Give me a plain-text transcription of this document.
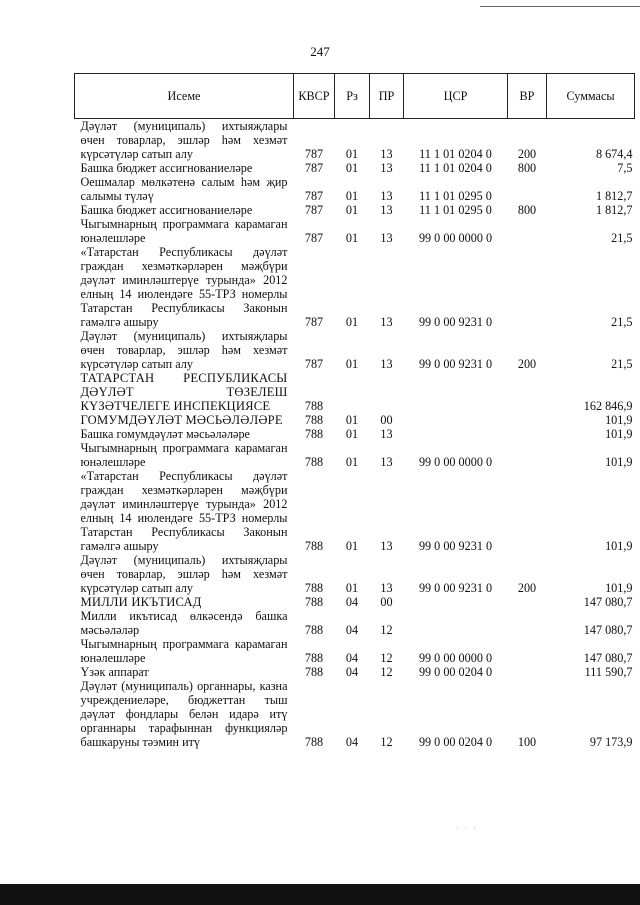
247
Исеме	КВСР	Рз	ПР	ЦСР	ВР	Суммасы
Дәүләт (муниципаль) ихтыяҗлары өчен товарлар, эшләр һәм хезмәт күрсәтүләр сатып алу	787	01	13	11 1 01 0204 0	200	8 674,4
Башка бюджет ассигнованиеләре	787	01	13	11 1 01 0204 0	800	7,5
Оешмалар мөлкәтенә салым һәм җир салымы түләү	787	01	13	11 1 01 0295 0		1 812,7
Башка бюджет ассигнованиеләре	787	01	13	11 1 01 0295 0	800	1 812,7
Чыгымнарның программага карамаган юнәлешләре	787	01	13	99 0 00 0000 0		21,5
«Татарстан Республикасы дәүләт граждан хезмәткәрләрен мәҗбүри дәүләт иминләштерүе турында» 2012 елның 14 июлендәге 55-ТРЗ номерлы Татарстан Республикасы Законын гамәлгә ашыру	787	01	13	99 0 00 9231 0		21,5
Дәүләт (муниципаль) ихтыяҗлары өчен товарлар, эшләр һәм хезмәт күрсәтүләр сатып алу	787	01	13	99 0 00 9231 0	200	21,5
ТАТАРСТАН РЕСПУБЛИКАСЫ ДӘҮЛӘТ ТӨЗЕЛЕШ КҮЗӘТЧЕЛЕГЕ ИНСПЕКЦИЯСЕ	788					162 846,9
ГОМУМДӘҮЛӘТ МӘСЬӘЛӘЛӘРЕ	788	01	00			101,9
Башка гомумдәүләт мәсьәләләре	788	01	13			101,9
Чыгымнарның программага карамаган юнәлешләре	788	01	13	99 0 00 0000 0		101,9
«Татарстан Республикасы дәүләт граждан хезмәткәрләрен мәҗбүри дәүләт иминләштерүе турында» 2012 елның 14 июлендәге 55-ТРЗ номерлы Татарстан Республикасы Законын гамәлгә ашыру	788	01	13	99 0 00 9231 0		101,9
Дәүләт (муниципаль) ихтыяҗлары өчен товарлар, эшләр һәм хезмәт күрсәтүләр сатып алу	788	01	13	99 0 00 9231 0	200	101,9
МИЛЛИ ИКЪТИСАД	788	04	00			147 080,7
Милли икътисад өлкәсендә башка мәсьәләләр	788	04	12			147 080,7
Чыгымнарның программага карамаган юнәлешләре	788	04	12	99 0 00 0000 0		147 080,7
Үзәк аппарат	788	04	12	99 0 00 0204 0		111 590,7
Дәүләт (муниципаль) органнары, казна учреждениеләре, бюджеттан тыш дәүләт фондлары белән идарә итү органнары тарафыннан функцияләр башкаруны тәэмин итү	788	04	12	99 0 00 0204 0	100	97 173,9
· · ·
